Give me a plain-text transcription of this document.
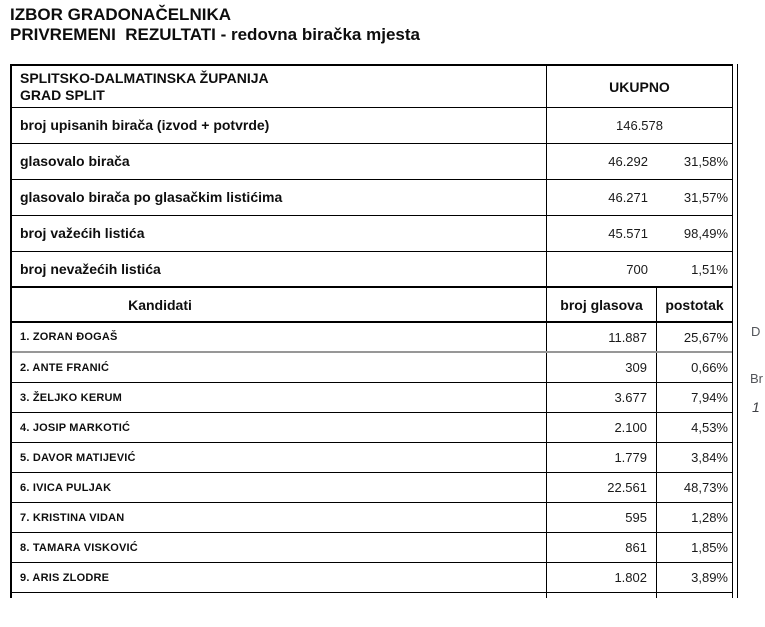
IZBOR GRADONAČELNIKA
PRIVREMENI  REZULTATI - redovna biračka mjesta
SPLITSKO-DALMATINSKA ŽUPANIJA
GRAD SPLIT	UKUPNO
broj upisanih birača (izvod + potvrde)	146.578
glasovalo birača	46.292	31,58%
glasovalo birača po glasačkim listićima	46.271	31,57%
broj važećih listića	45.571	98,49%
broj nevažećih listića	700	1,51%
Kandidati	broj glasova	postotak
1. ZORAN ĐOGAŠ	11.887	25,67%
2. ANTE FRANIĆ	309	0,66%
3. ŽELJKO KERUM	3.677	7,94%
4. JOSIP MARKOTIĆ	2.100	4,53%
5. DAVOR MATIJEVIĆ	1.779	3,84%
6. IVICA PULJAK	22.561	48,73%
7. KRISTINA VIDAN	595	1,28%
8. TAMARA VISKOVIĆ	861	1,85%
9. ARIS ZLODRE	1.802	3,89%
D
Br
1
